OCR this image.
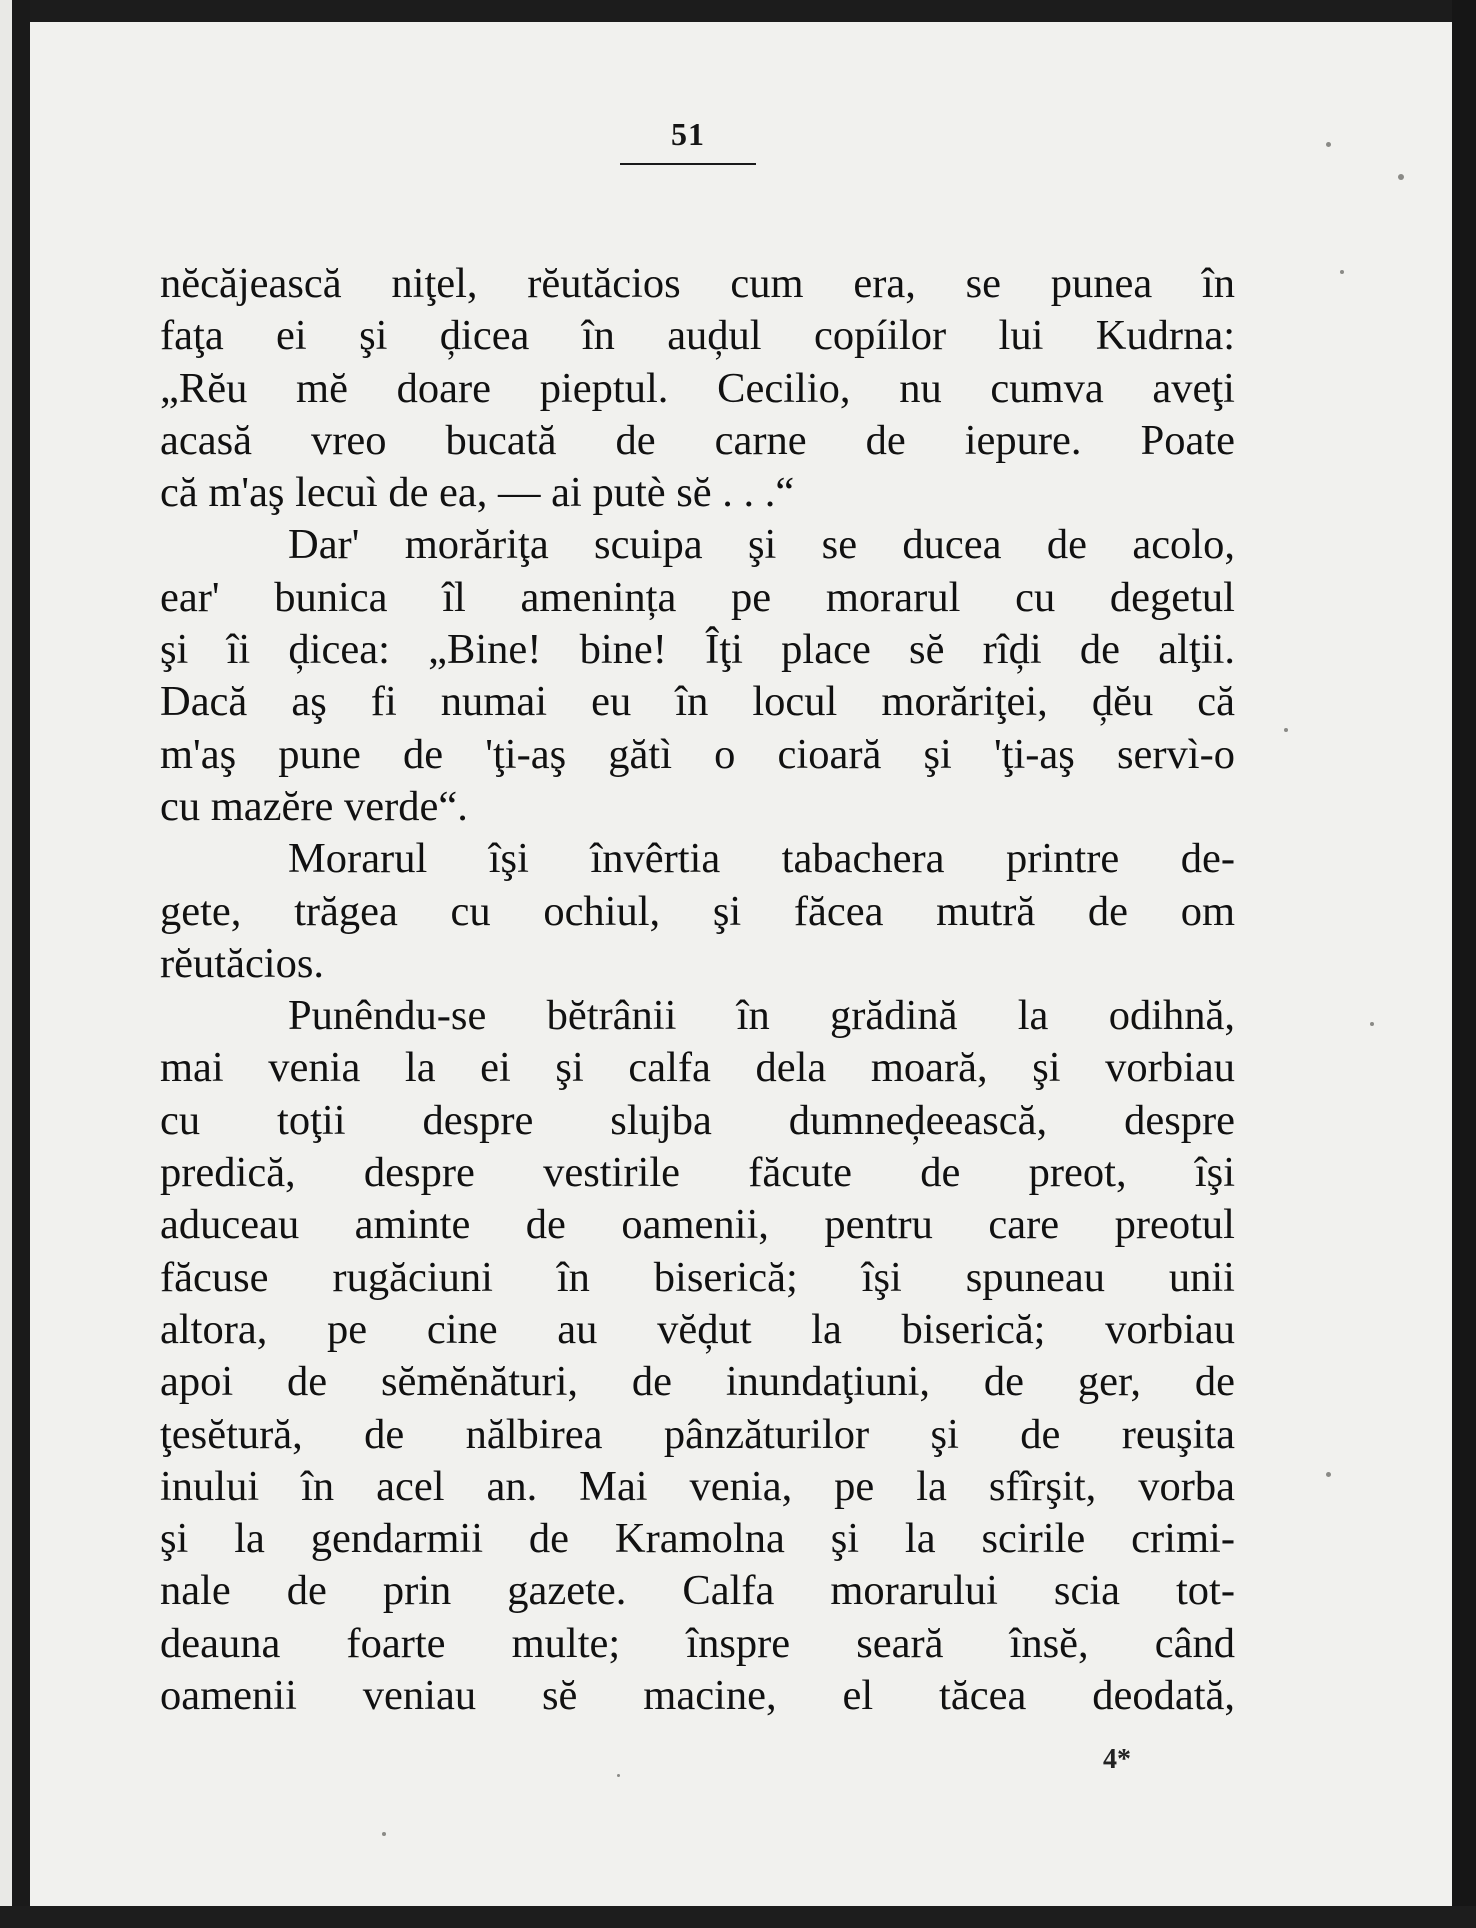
51
nĕcăjească niţel, rĕutăcios cum era, se punea în
faţa ei şi ḑicea în auḑul copíilor lui Kudrna:
„Rĕu mĕ doare pieptul. Cecilio, nu cumva aveţi
acasă vreo bucată de carne de iepure. Poate
că m'aş lecuì de ea, — ai putè sĕ . . .“
Dar' morăriţa scuipa şi se ducea de acolo,
ear' bunica îl amenința pe morarul cu degetul
şi îi ḑicea: „Bine! bine! Îţi place sĕ rîḑi de alţii.
Dacă aş fi numai eu în locul morăriţei, ḑĕu că
m'aş pune de 'ţi-aş gătì o cioară şi 'ţi-aş servì-o
cu mazĕre verde“.
Morarul îşi învêrtia tabachera printre de-
gete, trăgea cu ochiul, şi făcea mutră de om
rĕutăcios.
Punêndu-se bĕtrânii în grădină la odihnă,
mai venia la ei şi calfa dela moară, şi vorbiau
cu toţii despre slujba dumneḑeească, despre
predică, despre vestirile făcute de preot, îşi
aduceau aminte de oamenii, pentru care preotul
făcuse rugăciuni în biserică; îşi spuneau unii
altora, pe cine au vĕḑut la biserică; vorbiau
apoi de sĕmĕnături, de inundaţiuni, de ger, de
ţesĕtură, de nălbirea pânzăturilor şi de reuşita
inului în acel an. Mai venia, pe la sfîrşit, vorba
şi la gendarmii de Kramolna şi la scirile crimi-
nale de prin gazete. Calfa morarului scia tot-
deauna foarte multe; înspre seară însĕ, când
oamenii veniau sĕ macine, el tăcea deodată,
4*
